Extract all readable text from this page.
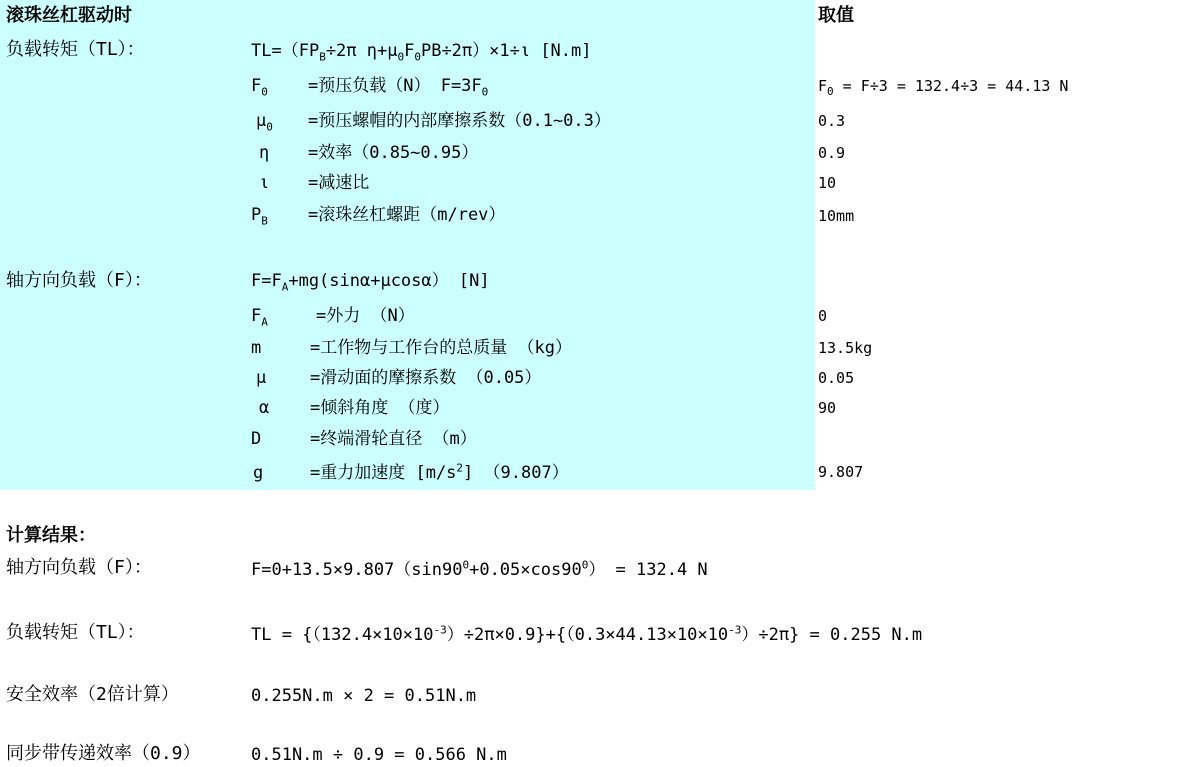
滚珠丝杠驱动时	取值
负载转矩（TL）：	$TL=(FP_B\div 2\pi$ $\eta+\mu_0F_0PB\div 2\pi)\times 1\div\iota$ [N.m]
$F_0$ =预压负载（N） $F=3F_0$	$F_0 = F\div 3 = 132.4\div 3 = 44.13$ N
$\mu_0$ =预压螺帽的内部摩擦系数（0.1~0.3）	0.3
η =效率（0.85~0.95）	0.9
ι =减速比	10
$P_B$ =滚珠丝杠螺距（m/rev）	10mm
轴方向负载（F）：	$F=F_A+mg(\sin\alpha+\mu\cos\alpha)$ [N]
$F_A$	=外力 （N）	0
m	=工作物与工作台的总质量 （kg）	13.5kg
μ	=滑动面的摩擦系数 （0.05）	0.05
α =倾斜角度 （度）	90
D	=终端滑轮直径 （m）
g	=重力加速度 $[m/s^2]$ （9.807）	9.807
计算结果：
轴方向负载（F）：	$F=0+13.5\times 9.807(\sin 90^0+0.05\times\cos 90^0) = 132.4$ N
负载转矩（TL）：	TL = $\{(132.4\times 10\times 10^{-3})\div 2\pi\times 0.9\}+\{(0.3\times 44.13\times 10\times 10^{-3})\div 2\pi\} = 0.255$ N.m
安全效率（2倍计算）	0.255N.m × 2 = 0.51N.m
同步带传递效率（0.9）	0.51N.m ÷ 0.9 = 0.566 N.m
